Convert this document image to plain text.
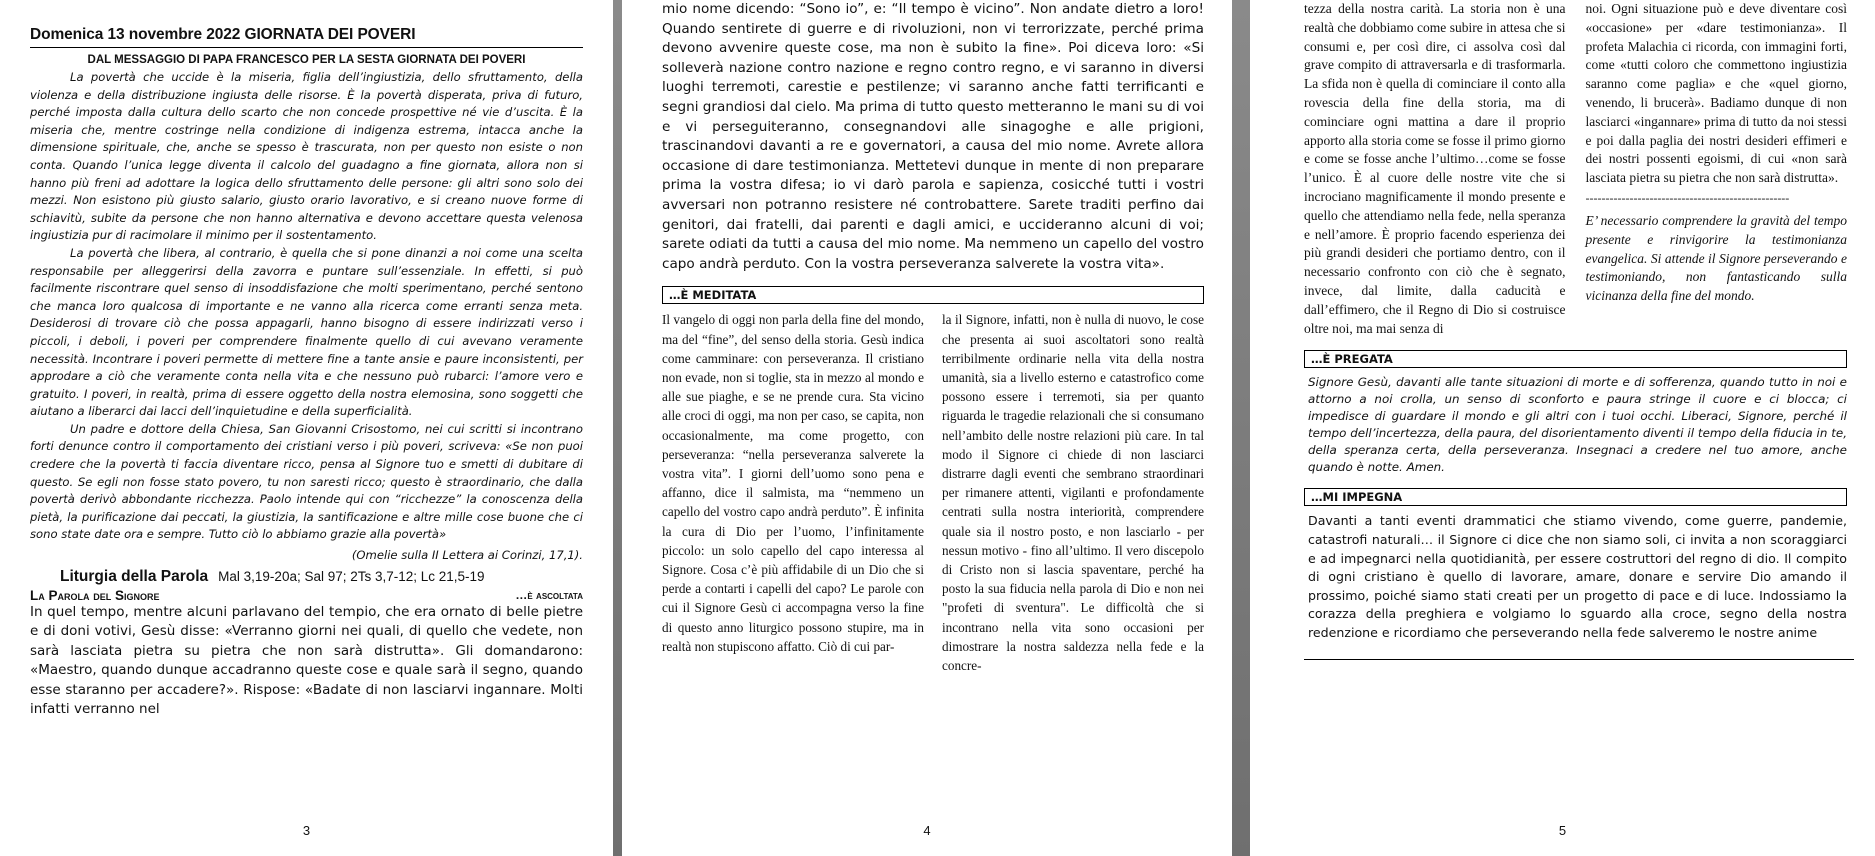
Domenica 13 novembre 2022 GIORNATA DEI POVERI
DAL MESSAGGIO DI PAPA FRANCESCO PER LA SESTA GIORNATA DEI POVERI

La povertà che uccide è la miseria, figlia dell’ingiustizia, dello sfruttamento, della violenza e della distribuzione ingiusta delle risorse. È la povertà disperata, priva di futuro, perché imposta dalla cultura dello scarto che non concede prospettive né vie d’uscita. È la miseria che, mentre costringe nella condizione di indigenza estrema, intacca anche la dimensione spirituale, che, anche se spesso è trascurata, non per questo non esiste o non conta. Quando l’unica legge diventa il calcolo del guadagno a fine giornata, allora non si hanno più freni ad adottare la logica dello sfruttamento delle persone: gli altri sono solo dei mezzi. Non esistono più giusto salario, giusto orario lavorativo, e si creano nuove forme di schiavitù, subite da persone che non hanno alternativa e devono accettare questa velenosa ingiustizia pur di racimolare il minimo per il sostentamento.

La povertà che libera, al contrario, è quella che si pone dinanzi a noi come una scelta responsabile per alleggerirsi della zavorra e puntare sull’essenziale. In effetti, si può facilmente riscontrare quel senso di insoddisfazione che molti sperimentano, perché sentono che manca loro qualcosa di importante e ne vanno alla ricerca come erranti senza meta. Desiderosi di trovare ciò che possa appagarli, hanno bisogno di essere indirizzati verso i piccoli, i deboli, i poveri per comprendere finalmente quello di cui avevano veramente necessità. Incontrare i poveri permette di mettere fine a tante ansie e paure inconsistenti, per approdare a ciò che veramente conta nella vita e che nessuno può rubarci: l’amore vero e gratuito. I poveri, in realtà, prima di essere oggetto della nostra elemosina, sono soggetti che aiutano a liberarci dai lacci dell’inquietudine e della superficialità.

Un padre e dottore della Chiesa, San Giovanni Crisostomo, nei cui scritti si incontrano forti denunce contro il comportamento dei cristiani verso i più poveri, scriveva: «Se non puoi credere che la povertà ti faccia diventare ricco, pensa al Signore tuo e smetti di dubitare di questo. Se egli non fosse stato povero, tu non saresti ricco; questo è straordinario, che dalla povertà derivò abbondante ricchezza. Paolo intende qui con “ricchezze” la conoscenza della pietà, la purificazione dai peccati, la giustizia, la santificazione e altre mille cose buone che ci sono state date ora e sempre. Tutto ciò lo abbiamo grazie alla povertà»

(Omelie sulla II Lettera ai Corinzi, 17,1).
Liturgia della Parola Mal 3,19-20a; Sal 97; 2Ts 3,7-12; Lc 21,5-19
La Parola del Signore	…è ascoltata

In quel tempo, mentre alcuni parlavano del tempio, che era ornato di belle pietre e di doni votivi, Gesù disse: «Verranno giorni nei quali, di quello che vedete, non sarà lasciata pietra su pietra che non sarà distrutta». Gli domandarono: «Maestro, quando dunque accadranno queste cose e quale sarà il segno, quando esse staranno per accadere?». Rispose: «Badate di non lasciarvi ingannare. Molti infatti verranno nel

3

mio nome dicendo: “Sono io”, e: “Il tempo è vicino”. Non andate dietro a loro! Quando sentirete di guerre e di rivoluzioni, non vi terrorizzate, perché prima devono avvenire queste cose, ma non è subito la fine». Poi diceva loro: «Si solleverà nazione contro nazione e regno contro regno, e vi saranno in diversi luoghi terremoti, carestie e pestilenze; vi saranno anche fatti terrificanti e segni grandiosi dal cielo. Ma prima di tutto questo metteranno le mani su di voi e vi perseguiteranno, consegnandovi alle sinagoghe e alle prigioni, trascinandovi davanti a re e governatori, a causa del mio nome. Avrete allora occasione di dare testimonianza. Mettetevi dunque in mente di non preparare prima la vostra difesa; io vi darò parola e sapienza, cosicché tutti i vostri avversari non potranno resistere né controbattere. Sarete traditi perfino dai genitori, dai fratelli, dai parenti e dagli amici, e uccideranno alcuni di voi; sarete odiati da tutti a causa del mio nome. Ma nemmeno un capello del vostro capo andrà perduto. Con la vostra perseveranza salverete la vostra vita».

…È MEDITATA

Il vangelo di oggi non parla della fine del mondo, ma del “fine”, del senso della storia. Gesù indica come camminare: con perseveranza. Il cristiano non evade, non si toglie, sta in mezzo al mondo e alle sue piaghe, e se ne prende cura. Sta vicino alle croci di oggi, ma non per caso, se capita, non occasionalmente, ma come progetto, con perseveranza: “nella perseveranza salverete la vostra vita”. I giorni dell’uomo sono pena e affanno, dice il salmista, ma “nemmeno un capello del vostro capo andrà perduto”. È infinita la cura di Dio per l’uomo, l’infinitamente piccolo: un solo capello del capo interessa al Signore. Cosa c’è più affidabile di un Dio che si perde a contarti i capelli del capo? Le parole con cui il Signore Gesù ci accompagna verso la fine di questo anno liturgico possono stupire, ma in realtà non stupiscono affatto. Ciò di cui par-

la il Signore, infatti, non è nulla di nuovo, le cose che presenta ai suoi ascoltatori sono realtà terribilmente ordinarie nella vita della nostra umanità, sia a livello esterno e catastrofico come possono essere i terremoti, sia per quanto riguarda le tragedie relazionali che si consumano nell’ambito delle nostre relazioni più care. In tal modo il Signore ci chiede di non lasciarci distrarre dagli eventi che sembrano straordinari per rimanere attenti, vigilanti e profondamente centrati sulla nostra interiorità, comprendere quale sia il nostro posto, e non lasciarlo - per nessun motivo - fino all’ultimo. Il vero discepolo di Cristo non si lascia spaventare, perché ha posto la sua fiducia nella parola di Dio e non nei "profeti di sventura". Le difficoltà che si incontrano nella vita sono occasioni per dimostrare la nostra saldezza nella fede e la concre-

4

tezza della nostra carità. La storia non è una realtà che dobbiamo come subire in attesa che si consumi e, per così dire, ci assolva così dal grave compito di attraversarla e di trasformarla. La sfida non è quella di cominciare il conto alla rovescia della fine della storia, ma di cominciare ogni mattina a dare il proprio apporto alla storia come se fosse il primo giorno e come se fosse anche l’ultimo…come se fosse l’unico. È al cuore delle nostre vite che si incrociano magnificamente il mondo presente e quello che attendiamo nella fede, nella speranza e nell’amore. È proprio facendo esperienza dei più grandi desideri che portiamo dentro, con il necessario confronto con ciò che è segnato, invece, dal limite, dalla caducità e dall’effimero, che il Regno di Dio si costruisce oltre noi, ma mai senza di

noi. Ogni situazione può e deve diventare così «occasione» per «dare testimonianza». Il profeta Malachia ci ricorda, con immagini forti, come «tutti coloro che commettono ingiustizia saranno come paglia» e che «quel giorno, venendo, li brucerà». Badiamo dunque di non lasciarci «ingannare» prima di tutto da noi stessi e poi dalla paglia dei nostri desideri effimeri e dei nostri possenti egoismi, di cui «non sarà lasciata pietra su pietra che non sarà distrutta».

---------------------------------------------------

E’ necessario comprendere la gravità del tempo presente e rinvigorire la testimonianza evangelica. Si attende il Signore perseverando e testimoniando, non fantasticando sulla vicinanza della fine del mondo.

…È PREGATA

Signore Gesù, davanti alle tante situazioni di morte e di sofferenza, quando tutto in noi e attorno a noi crolla, un senso di sconforto e paura stringe il cuore e ci blocca; ci impedisce di guardare il mondo e gli altri con i tuoi occhi. Liberaci, Signore, perché il tempo dell’incertezza, della paura, del disorientamento diventi il tempo della fiducia in te, della speranza certa, della perseveranza. Insegnaci a credere nel tuo amore, anche quando è notte. Amen.

…MI IMPEGNA

Davanti a tanti eventi drammatici che stiamo vivendo, come guerre, pandemie, catastrofi naturali… il Signore ci dice che non siamo soli, ci invita a non scoraggiarci e ad impegnarci nella quotidianità, per essere costruttori del regno di dio. Il compito di ogni cristiano è quello di lavorare, amare, donare e servire Dio amando il prossimo, poiché siamo stati creati per un progetto di pace e di luce. Indossiamo la corazza della preghiera e volgiamo lo sguardo alla croce, segno della nostra redenzione e ricordiamo che perseverando nella fede salveremo le nostre anime

5
